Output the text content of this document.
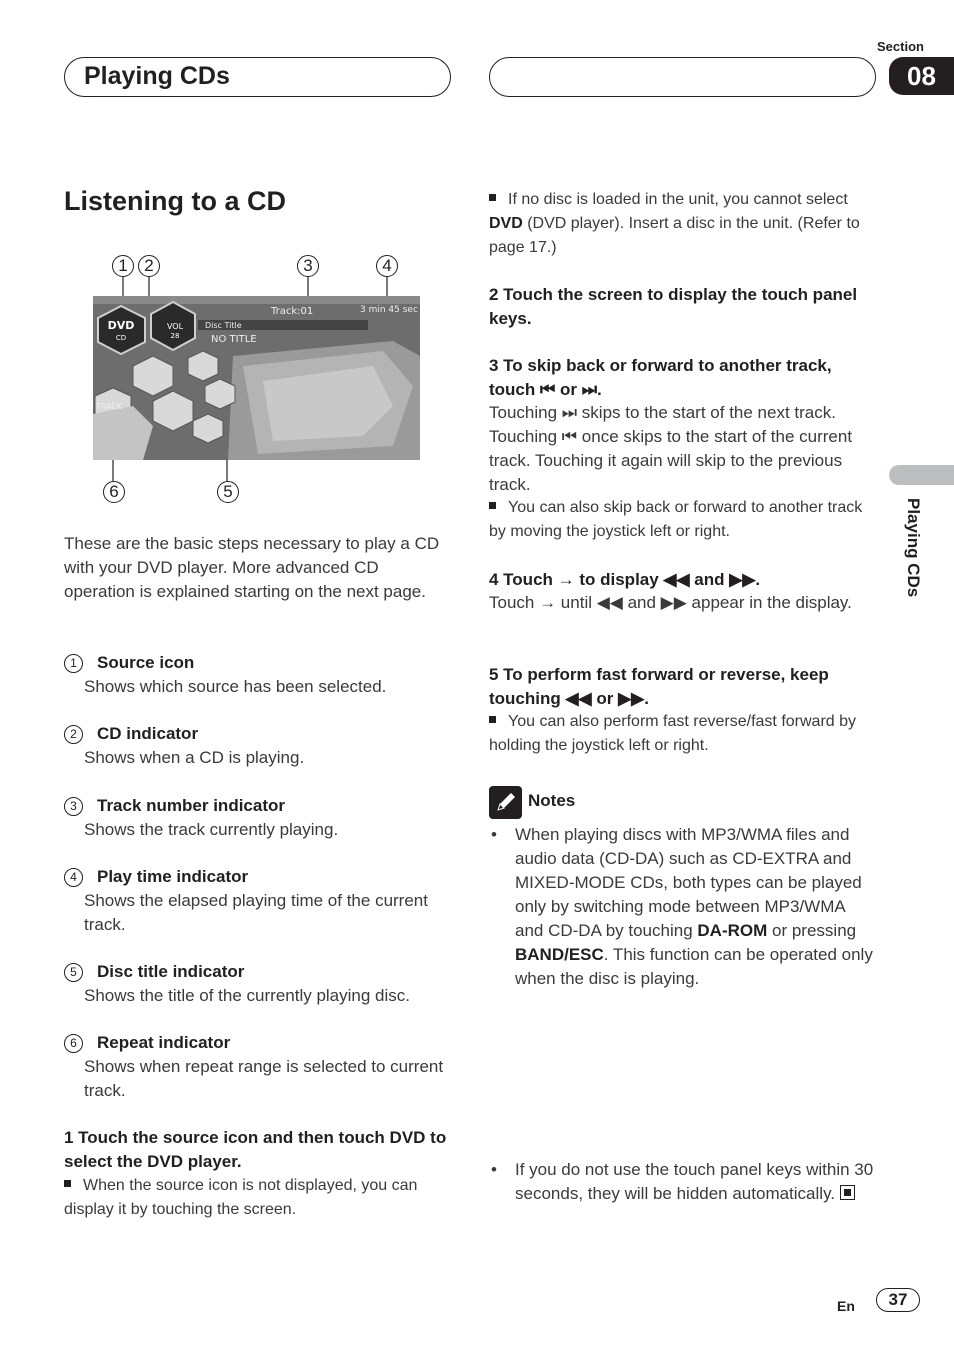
Playing CDs
Section
08
Playing CDs
Listening to a CD
1 2	3	4
6	5
DVD
CD
VOL
28
Track:01	3 min 45 sec
Disc Title
NO TITLE
TRACK
These are the basic steps necessary to play a CD with your DVD player. More advanced CD operation is explained starting on the next page.
1 Source icon
Shows which source has been selected.
2 CD indicator
Shows when a CD is playing.
3 Track number indicator
Shows the track currently playing.
4 Play time indicator
Shows the elapsed playing time of the current track.
5 Disc title indicator
Shows the title of the currently playing disc.
6 Repeat indicator
Shows when repeat range is selected to current track.
1 Touch the source icon and then touch DVD to select the DVD player.
When the source icon is not displayed, you can display it by touching the screen.
If no disc is loaded in the unit, you cannot select DVD (DVD player). Insert a disc in the unit. (Refer to page 17.)
2 Touch the screen to display the touch panel keys.
3 To skip back or forward to another track, touch ⏮ or ⏭.
Touching ⏭ skips to the start of the next track. Touching ⏮ once skips to the start of the current track. Touching it again will skip to the previous track.
You can also skip back or forward to another track by moving the joystick left or right.
4 Touch → to display ◀◀ and ▶▶.
Touch → until ◀◀ and ▶▶ appear in the display.
5 To perform fast forward or reverse, keep touching ◀◀ or ▶▶.
You can also perform fast reverse/fast forward by holding the joystick left or right.
Notes
• When playing discs with MP3/WMA files and audio data (CD-DA) such as CD-EXTRA and MIXED-MODE CDs, both types can be played only by switching mode between MP3/WMA and CD-DA by touching DA-ROM or pressing BAND/ESC. This function can be operated only when the disc is playing.
• If you do not use the touch panel keys within 30 seconds, they will be hidden automatically.
En	37
